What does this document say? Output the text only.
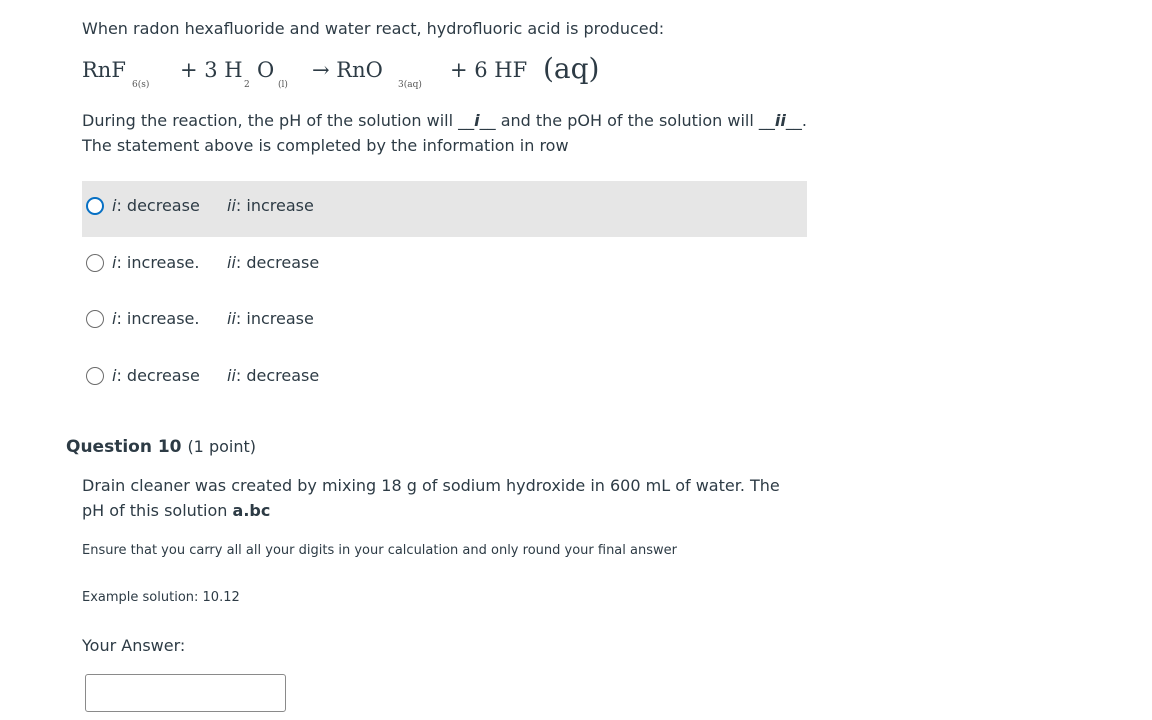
When radon hexafluoride and water react, hydrofluoric acid is produced:
RnF
6(s)
+ 3 H
2
O
(l)
→ RnO
3(aq)
+ 6 HF (aq)
During the reaction, the pH of the solution will __i__ and the pOH of the solution will __ii__.
The statement above is completed by the information in row
i: decrease ii: increase
i: increase. ii: decrease
i: increase. ii: increase
i: decrease ii: decrease
Question 10 (1 point)
Drain cleaner was created by mixing 18 g of sodium hydroxide in 600 mL of water. The pH of this solution a.bc
Ensure that you carry all all your digits in your calculation and only round your final answer
Example solution: 10.12
Your Answer:
